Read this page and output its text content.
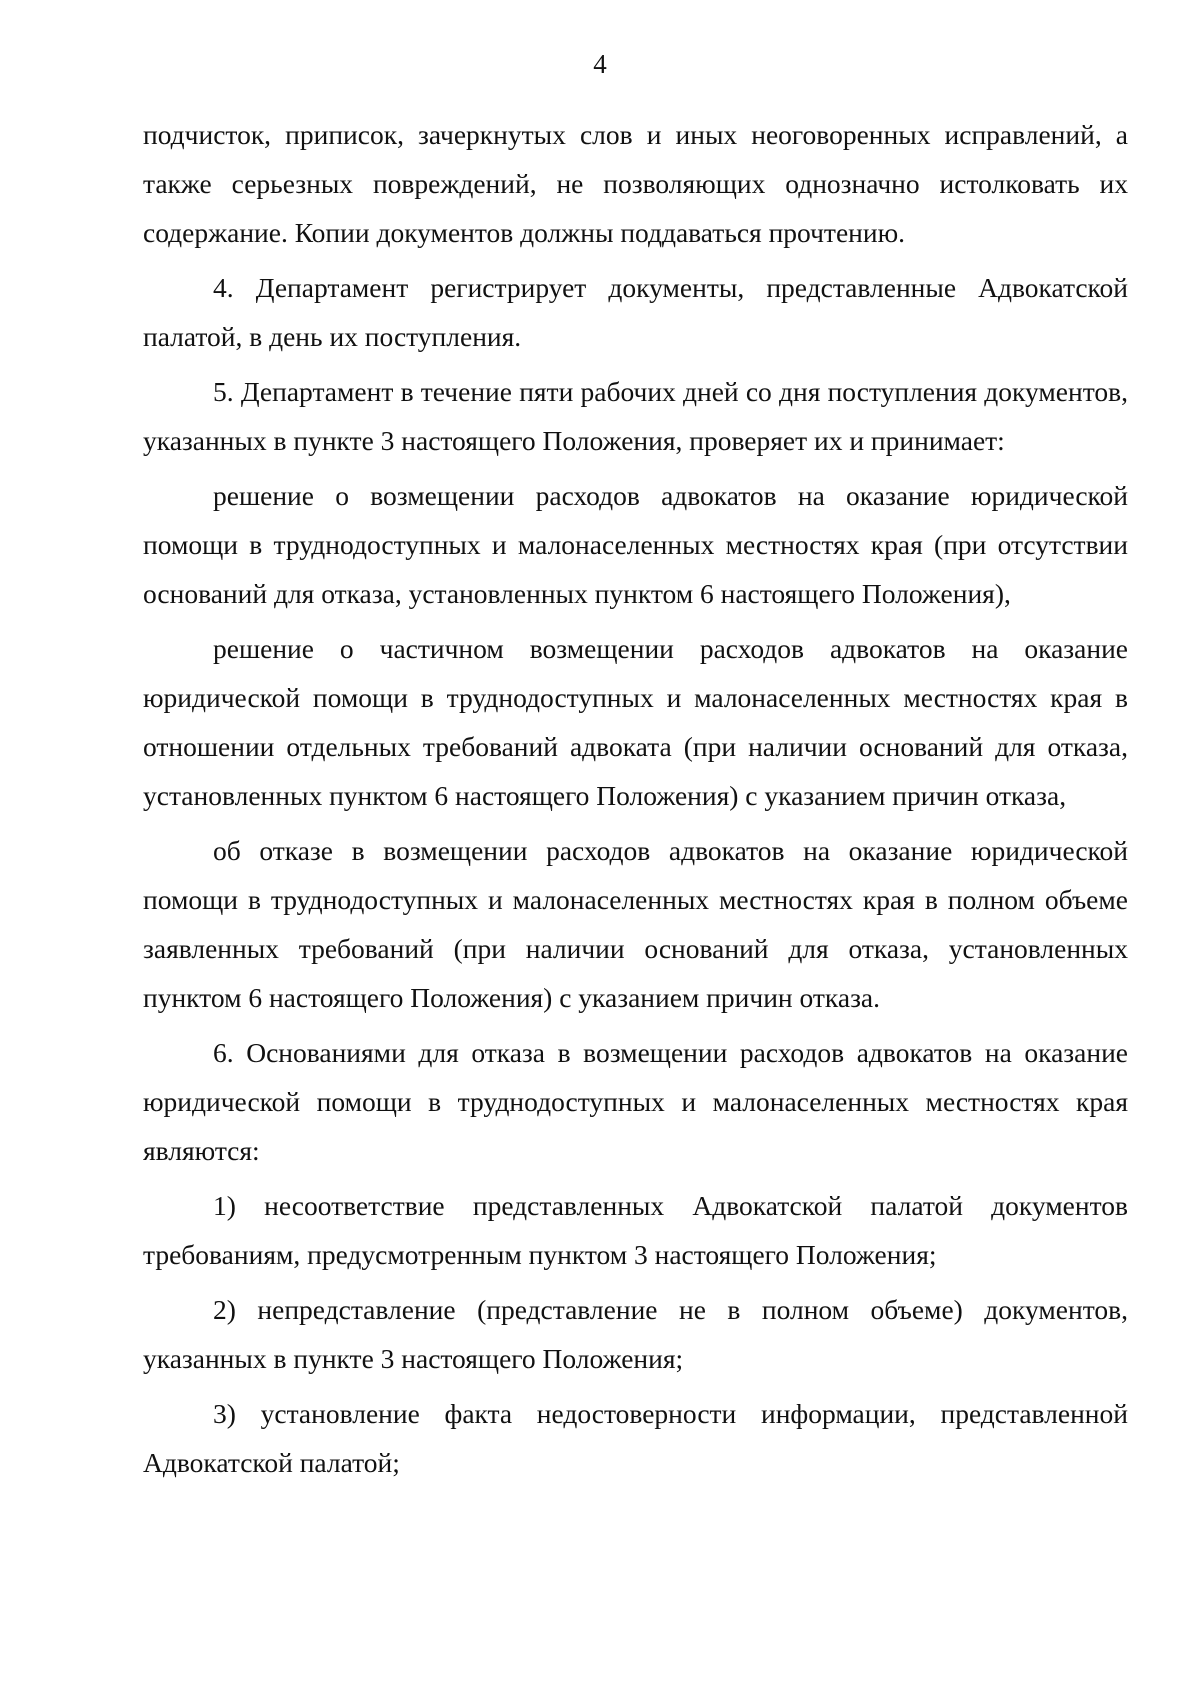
4

подчисток, приписок, зачеркнутых слов и иных неоговоренных исправлений, а также серьезных повреждений, не позволяющих однозначно истолковать их содержание. Копии документов должны поддаваться прочтению.

4. Департамент регистрирует документы, представленные Адвокатской палатой, в день их поступления.

5. Департамент в течение пяти рабочих дней со дня поступления документов, указанных в пункте 3 настоящего Положения, проверяет их и принимает:

решение о возмещении расходов адвокатов на оказание юридической помощи в труднодоступных и малонаселенных местностях края (при отсутствии оснований для отказа, установленных пунктом 6 настоящего Положения),

решение о частичном возмещении расходов адвокатов на оказание юридической помощи в труднодоступных и малонаселенных местностях края в отношении отдельных требований адвоката (при наличии оснований для отказа, установленных пунктом 6 настоящего Положения) с указанием причин отказа,

об отказе в возмещении расходов адвокатов на оказание юридической помощи в труднодоступных и малонаселенных местностях края в полном объеме заявленных требований (при наличии оснований для отказа, установленных пунктом 6 настоящего Положения) с указанием причин отказа.

6. Основаниями для отказа в возмещении расходов адвокатов на оказание юридической помощи в труднодоступных и малонаселенных местностях края являются:

1) несоответствие представленных Адвокатской палатой документов требованиям, предусмотренным пунктом 3 настоящего Положения;

2) непредставление (представление не в полном объеме) документов, указанных в пункте 3 настоящего Положения;

3) установление факта недостоверности информации, представленной Адвокатской палатой;
